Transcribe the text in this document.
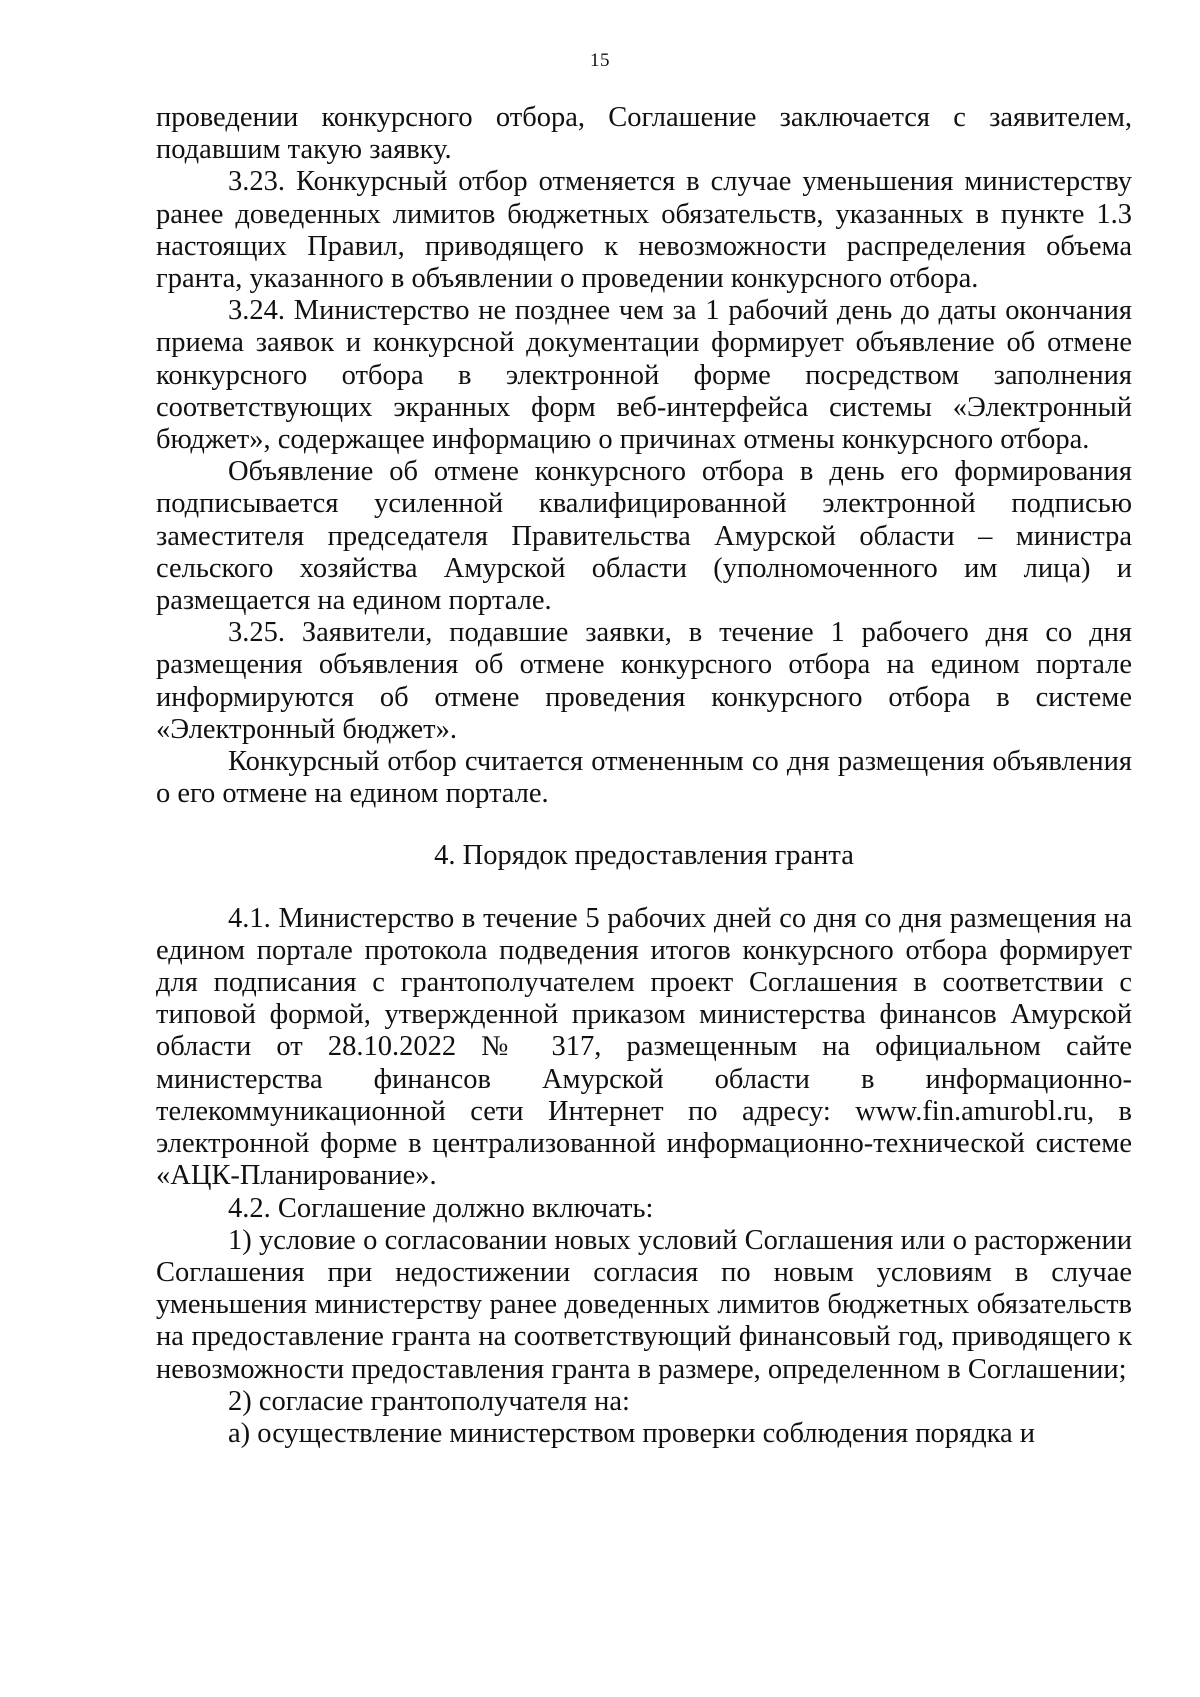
15

проведении конкурсного отбора, Соглашение заключается с заявителем, подавшим такую заявку.

3.23. Конкурсный отбор отменяется в случае уменьшения министерству ранее доведенных лимитов бюджетных обязательств, указанных в пункте 1.3 настоящих Правил, приводящего к невозможности распределения объема гранта, указанного в объявлении о проведении конкурсного отбора.

3.24. Министерство не позднее чем за 1 рабочий день до даты окончания приема заявок и конкурсной документации формирует объявление об отмене конкурсного отбора в электронной форме посредством заполнения соответствующих экранных форм веб-интерфейса системы «Электронный бюджет», содержащее информацию о причинах отмены конкурсного отбора.

Объявление об отмене конкурсного отбора в день его формирования подписывается усиленной квалифицированной электронной подписью заместителя председателя Правительства Амурской области – министра сельского хозяйства Амурской области (уполномоченного им лица) и размещается на едином портале.

3.25. Заявители, подавшие заявки, в течение 1 рабочего дня со дня размещения объявления об отмене конкурсного отбора на едином портале информируются об отмене проведения конкурсного отбора в системе «Электронный бюджет».

Конкурсный отбор считается отмененным со дня размещения объявления о его отмене на едином портале.

4. Порядок предоставления гранта

4.1. Министерство в течение 5 рабочих дней со дня со дня размещения на едином портале протокола подведения итогов конкурсного отбора формирует для подписания с грантополучателем проект Соглашения в соответствии с типовой формой, утвержденной приказом министерства финансов Амурской области от 28.10.2022 № 317, размещенным на официальном сайте министерства финансов Амурской области в информационно-телекоммуникационной сети Интернет по адресу: www.fin.amurobl.ru, в электронной форме в централизованной информационно-технической системе «АЦК-Планирование».

4.2. Соглашение должно включать:

1) условие о согласовании новых условий Соглашения или о расторжении Соглашения при недостижении согласия по новым условиям в случае уменьшения министерству ранее доведенных лимитов бюджетных обязательств на предоставление гранта на соответствующий финансовый год, приводящего к невозможности предоставления гранта в размере, определенном в Соглашении;

2) согласие грантополучателя на:

а) осуществление министерством проверки соблюдения порядка и
